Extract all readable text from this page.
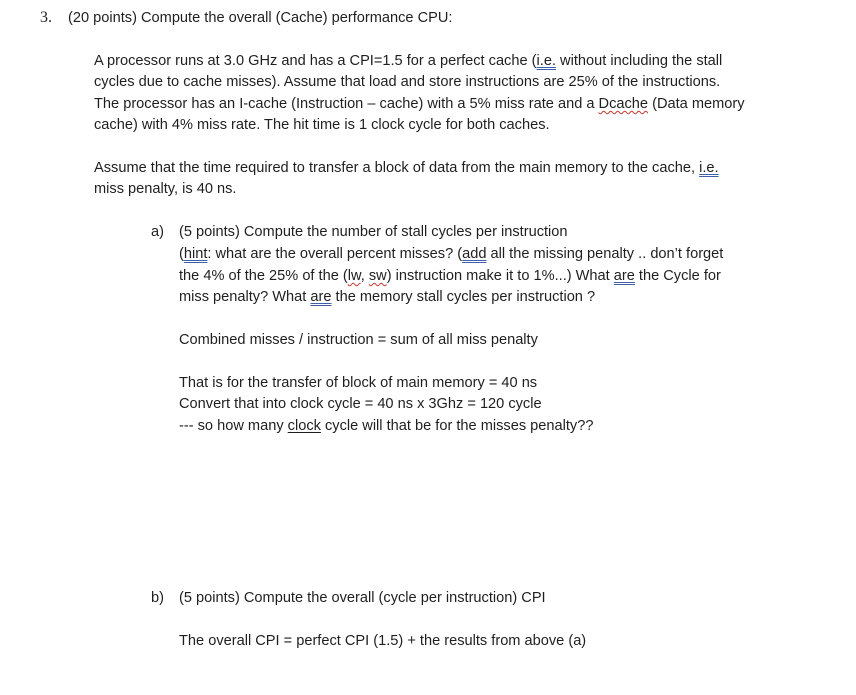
3. (20 points) Compute the overall (Cache) performance CPU:
A processor runs at 3.0 GHz and has a CPI=1.5 for a perfect cache (i.e. without including the stall
cycles due to cache misses). Assume that load and store instructions are 25% of the instructions.
The processor has an I-cache (Instruction – cache) with a 5% miss rate and a Dcache (Data memory
cache) with 4% miss rate. The hit time is 1 clock cycle for both caches.
Assume that the time required to transfer a block of data from the main memory to the cache, i.e.
miss penalty, is 40 ns.
a) (5 points) Compute the number of stall cycles per instruction
(hint: what are the overall percent misses? (add all the missing penalty .. don’t forget
the 4% of the 25% of the (lw, sw) instruction make it to 1%...) What are the Cycle for
miss penalty? What are the memory stall cycles per instruction ?
Combined misses / instruction = sum of all miss penalty
That is for the transfer of block of main memory = 40 ns
Convert that into clock cycle = 40 ns x 3Ghz = 120 cycle
--- so how many clock cycle will that be for the misses penalty??
b) (5 points) Compute the overall (cycle per instruction) CPI
The overall CPI = perfect CPI (1.5) + the results from above (a)
